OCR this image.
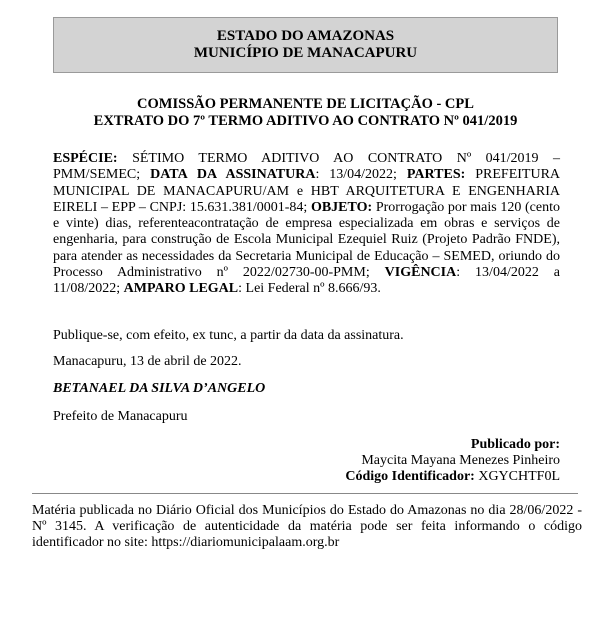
ESTADO DO AMAZONAS
MUNICÍPIO DE MANACAPURU
COMISSÃO PERMANENTE DE LICITAÇÃO - CPL
EXTRATO DO 7º TERMO ADITIVO AO CONTRATO Nº 041/2019
ESPÉCIE: SÉTIMO TERMO ADITIVO AO CONTRATO Nº 041/2019 – PMM/SEMEC; DATA DA ASSINATURA: 13/04/2022; PARTES: PREFEITURA MUNICIPAL DE MANACAPURU/AM e HBT ARQUITETURA E ENGENHARIA EIRELI – EPP – CNPJ: 15.631.381/0001-84; OBJETO: Prorrogação por mais 120 (cento e vinte) dias, referenteacontratação de empresa especializada em obras e serviços de engenharia, para construção de Escola Municipal Ezequiel Ruiz (Projeto Padrão FNDE), para atender as necessidades da Secretaria Municipal de Educação – SEMED, oriundo do Processo Administrativo nº 2022/02730-00-PMM; VIGÊNCIA: 13/04/2022 a 11/08/2022; AMPARO LEGAL: Lei Federal nº 8.666/93.
Publique-se, com efeito, ex tunc, a partir da data da assinatura.
Manacapuru, 13 de abril de 2022.
BETANAEL DA SILVA D’ANGELO
Prefeito de Manacapuru
Publicado por:
Maycita Mayana Menezes Pinheiro
Código Identificador: XGYCHTF0L
Matéria publicada no Diário Oficial dos Municípios do Estado do Amazonas no dia 28/06/2022 - Nº 3145. A verificação de autenticidade da matéria pode ser feita informando o código identificador no site: https://diariomunicipalaam.org.br
